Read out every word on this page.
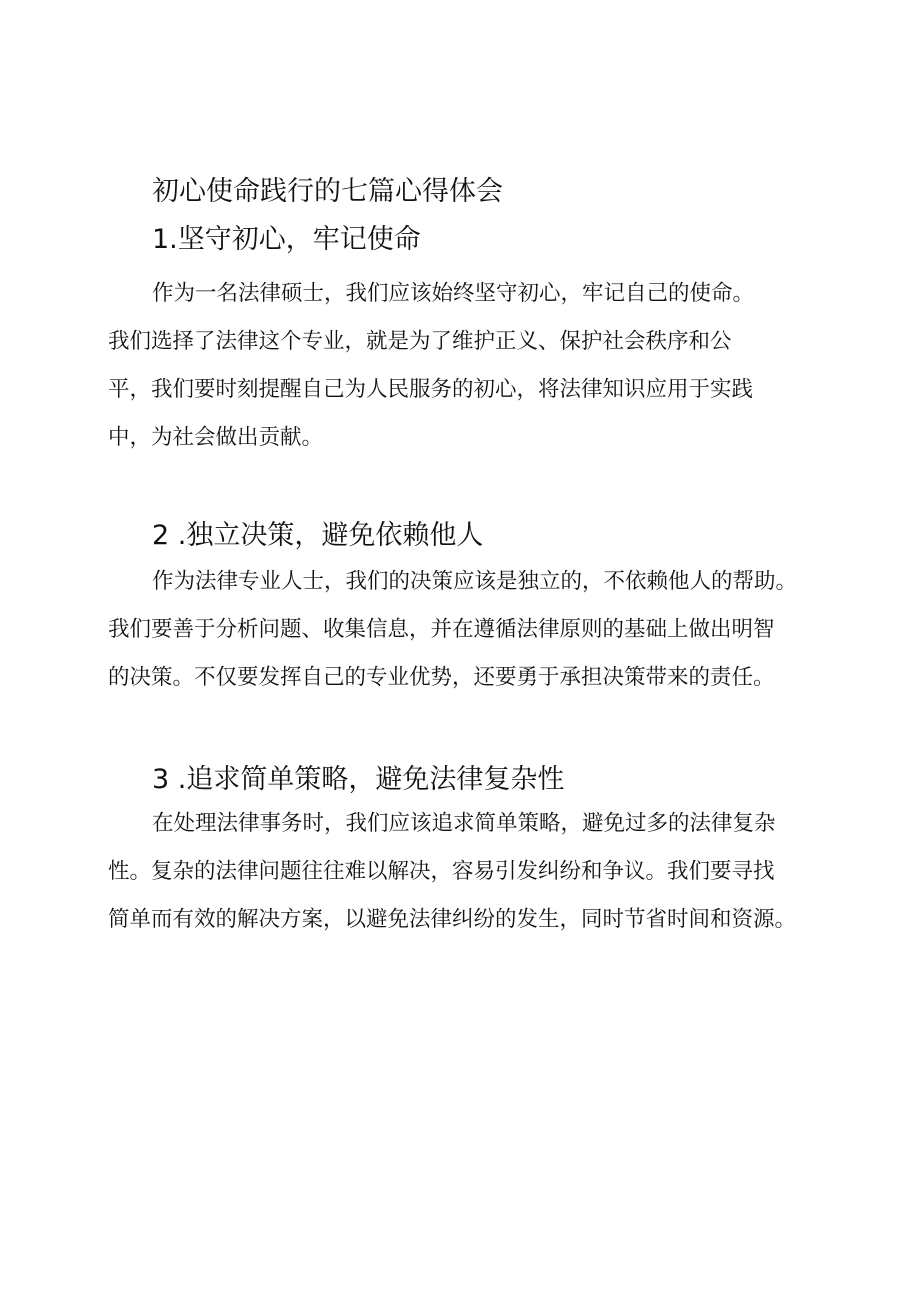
初心使命践行的七篇心得体会
1.坚守初心，牢记使命

作为一名法律硕士，我们应该始终坚守初心，牢记自己的使命。
我们选择了法律这个专业，就是为了维护正义、保护社会秩序和公
平，我们要时刻提醒自己为人民服务的初心，将法律知识应用于实践
中，为社会做出贡献。

2 .独立决策，避免依赖他人

作为法律专业人士，我们的决策应该是独立的，不依赖他人的帮助。
我们要善于分析问题、收集信息，并在遵循法律原则的基础上做出明智
的决策。不仅要发挥自己的专业优势，还要勇于承担决策带来的责任。

3 .追求简单策略，避免法律复杂性

在处理法律事务时，我们应该追求简单策略，避免过多的法律复杂
性。复杂的法律问题往往难以解决，容易引发纠纷和争议。我们要寻找
简单而有效的解决方案，以避免法律纠纷的发生，同时节省时间和资源。
